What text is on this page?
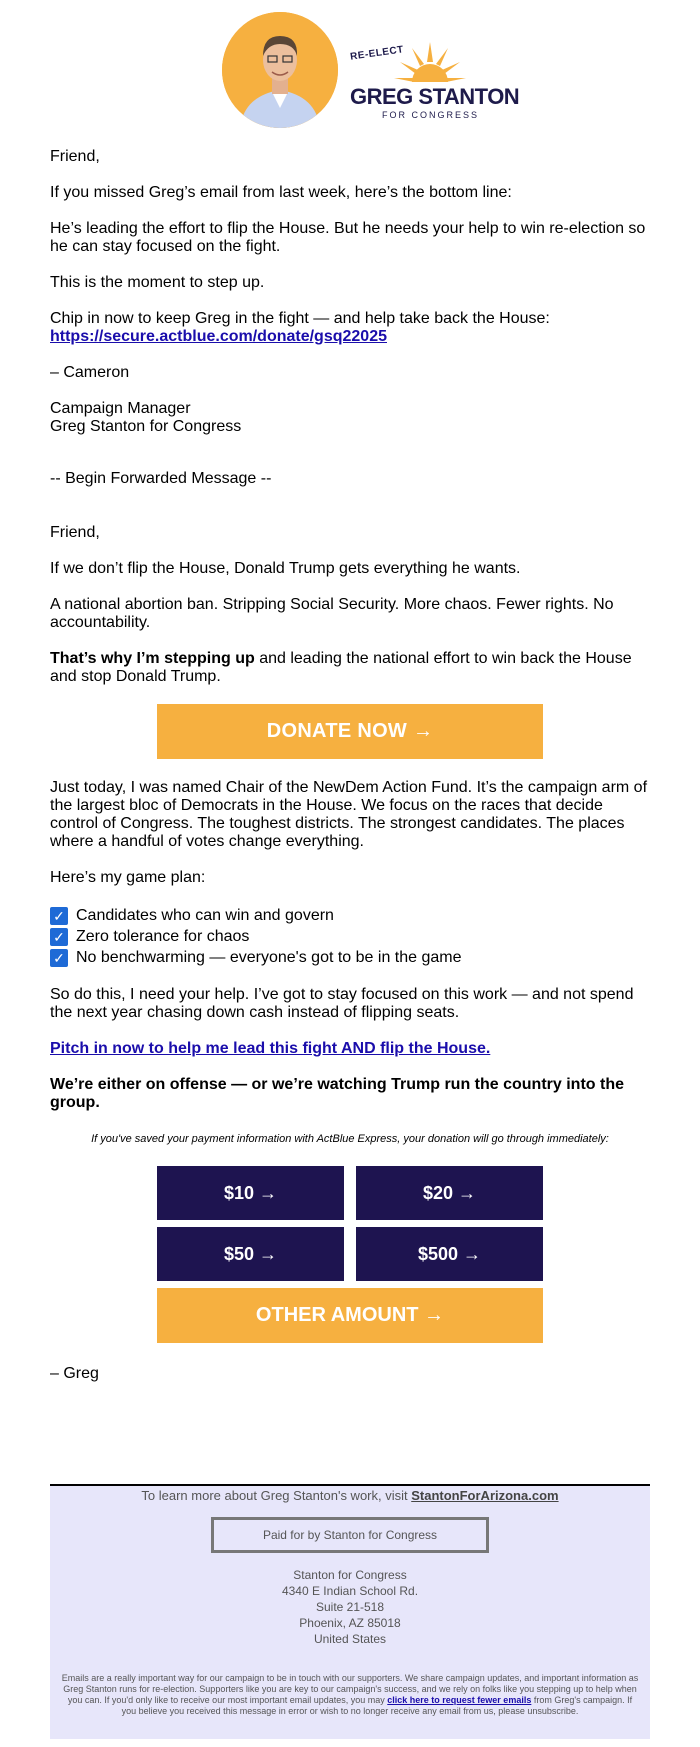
RE-ELECT
GREG STANTON
FOR CONGRESS

Friend,

If you missed Greg’s email from last week, here’s the bottom line:

He’s leading the effort to flip the House. But he needs your help to win re-election so he can stay focused on the fight.

This is the moment to step up.

Chip in now to keep Greg in the fight — and help take back the House:
https://secure.actblue.com/donate/gsq22025

– Cameron

Campaign Manager
Greg Stanton for Congress

-- Begin Forwarded Message --

Friend,

If we don’t flip the House, Donald Trump gets everything he wants.

A national abortion ban. Stripping Social Security. More chaos. Fewer rights. No accountability.

That’s why I’m stepping up and leading the national effort to win back the House and stop Donald Trump.

DONATE NOW →

Just today, I was named Chair of the NewDem Action Fund. It’s the campaign arm of the largest bloc of Democrats in the House. We focus on the races that decide control of Congress. The toughest districts. The strongest candidates. The places where a handful of votes change everything.

Here’s my game plan:

✓ Candidates who can win and govern
✓ Zero tolerance for chaos
✓ No benchwarming — everyone's got to be in the game

So do this, I need your help. I’ve got to stay focused on this work — and not spend the next year chasing down cash instead of flipping seats.

Pitch in now to help me lead this fight AND flip the House.

We’re either on offense — or we’re watching Trump run the country into the group.

If you've saved your payment information with ActBlue Express, your donation will go through immediately:

$10 →	$20 →
$50 →	$500 →
OTHER AMOUNT →

– Greg

To learn more about Greg Stanton's work, visit StantonForArizona.com
Paid for by Stanton for Congress
Stanton for Congress
4340 E Indian School Rd.
Suite 21-518
Phoenix, AZ 85018
United States
Emails are a really important way for our campaign to be in touch with our supporters. We share campaign updates, and important information as Greg Stanton runs for re-election. Supporters like you are key to our campaign's success, and we rely on folks like you stepping up to help when you can. If you'd only like to receive our most important email updates, you may click here to request fewer emails from Greg's campaign. If you believe you received this message in error or wish to no longer receive any email from us, please unsubscribe.
